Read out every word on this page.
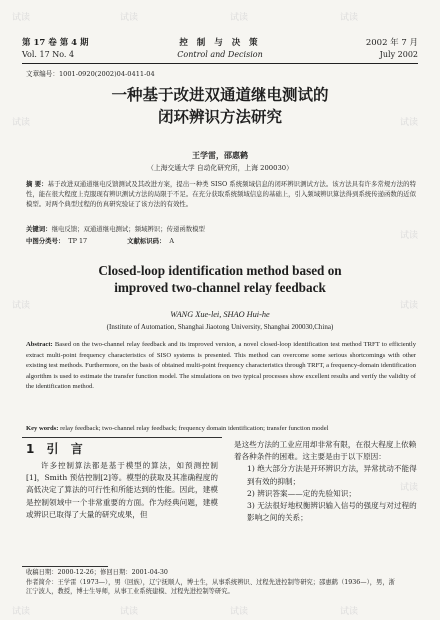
试读	试读	试读	试读
试读	试读
试读
试读	试读
试读
试读	试读	试读	试读
第 17 卷 第 4 期	控 制 与 决 策	2002 年 7 月
Vol. 17 No. 4	Control and Decision	July 2002
文章编号：1001-0920(2002)04-0411-04
一种基于改进双通道继电测试的
闭环辨识方法研究
王学雷，邵惠鹤
（上海交通大学 自动化研究所，上海 200030）
摘 要：基于改进双通道继电反馈测试及其改进方案，提出一种类 SISO 系统频域信息的闭环辨识测试方法。该方法具有许多常规方法的特性，能在很大程度上克服现有辨识测试方法的局限于不足。在充分获取系统频域信息的基础上，引入频域辨识算法得到系统传递函数的近似模型。对两个典型过程的仿真研究验证了该方法的有效性。
关键词：继电反馈；双通道继电测试；频域辨识；传递函数模型
中图分类号： TP 17	文献标识码： A
Closed-loop identification method based on
improved two-channel relay feedback
WANG Xue-lei, SHAO Hui-he
(Institute of Automation, Shanghai Jiaotong University, Shanghai 200030,China)
Abstract: Based on the two-channel relay feedback and its improved version, a novel closed-loop identification test method TRFT to efficiently extract multi-point frequency characteristics of SISO systems is presented. This method can overcome some serious shortcomings with other existing test methods. Furthermore, on the basis of obtained multi-point frequency characteristics through TRFT, a frequency-domain identification algorithm is used to estimate the transfer function model. The simulations on two typical processes show excellent results and verify the validity of the identification method.
Key words: relay feedback; two-channel relay feedback; frequency domain identification; transfer function model
1 引 言
许多控制算法都是基于模型的算法，如预测控制[1]，Smith 预估控制[2]等。模型的获取及其准确程度的高低决定了算法的可行性和所能达到的性能。因此，建模是控制领域中一个非常重要的方面。作为经典问题，建模或辨识已取得了大量的研究成果，但

是这些方法的工业应用却非常有限，在很大程度上依赖着各种条件的困难。这主要是由于以下原因：

1) 绝大部分方法是开环辨识方法，异常扰动不能得到有效的抑制；

2) 辨识答案——定的先验知识；

3) 无法很好地权衡辨识输入信号的强度与对过程的影响之间的关系；

收稿日期：2000-12-26；修回日期：2001-04-30
作者简介：王学雷（1973—），男（回族），辽宁抚顺人，博士生，从事系统辨识、过程先进控制等研究；邵惠鹤（1936—），男，浙
江宁波人，教授，博士生导师，从事工业系统建模、过程先进控制等研究。
